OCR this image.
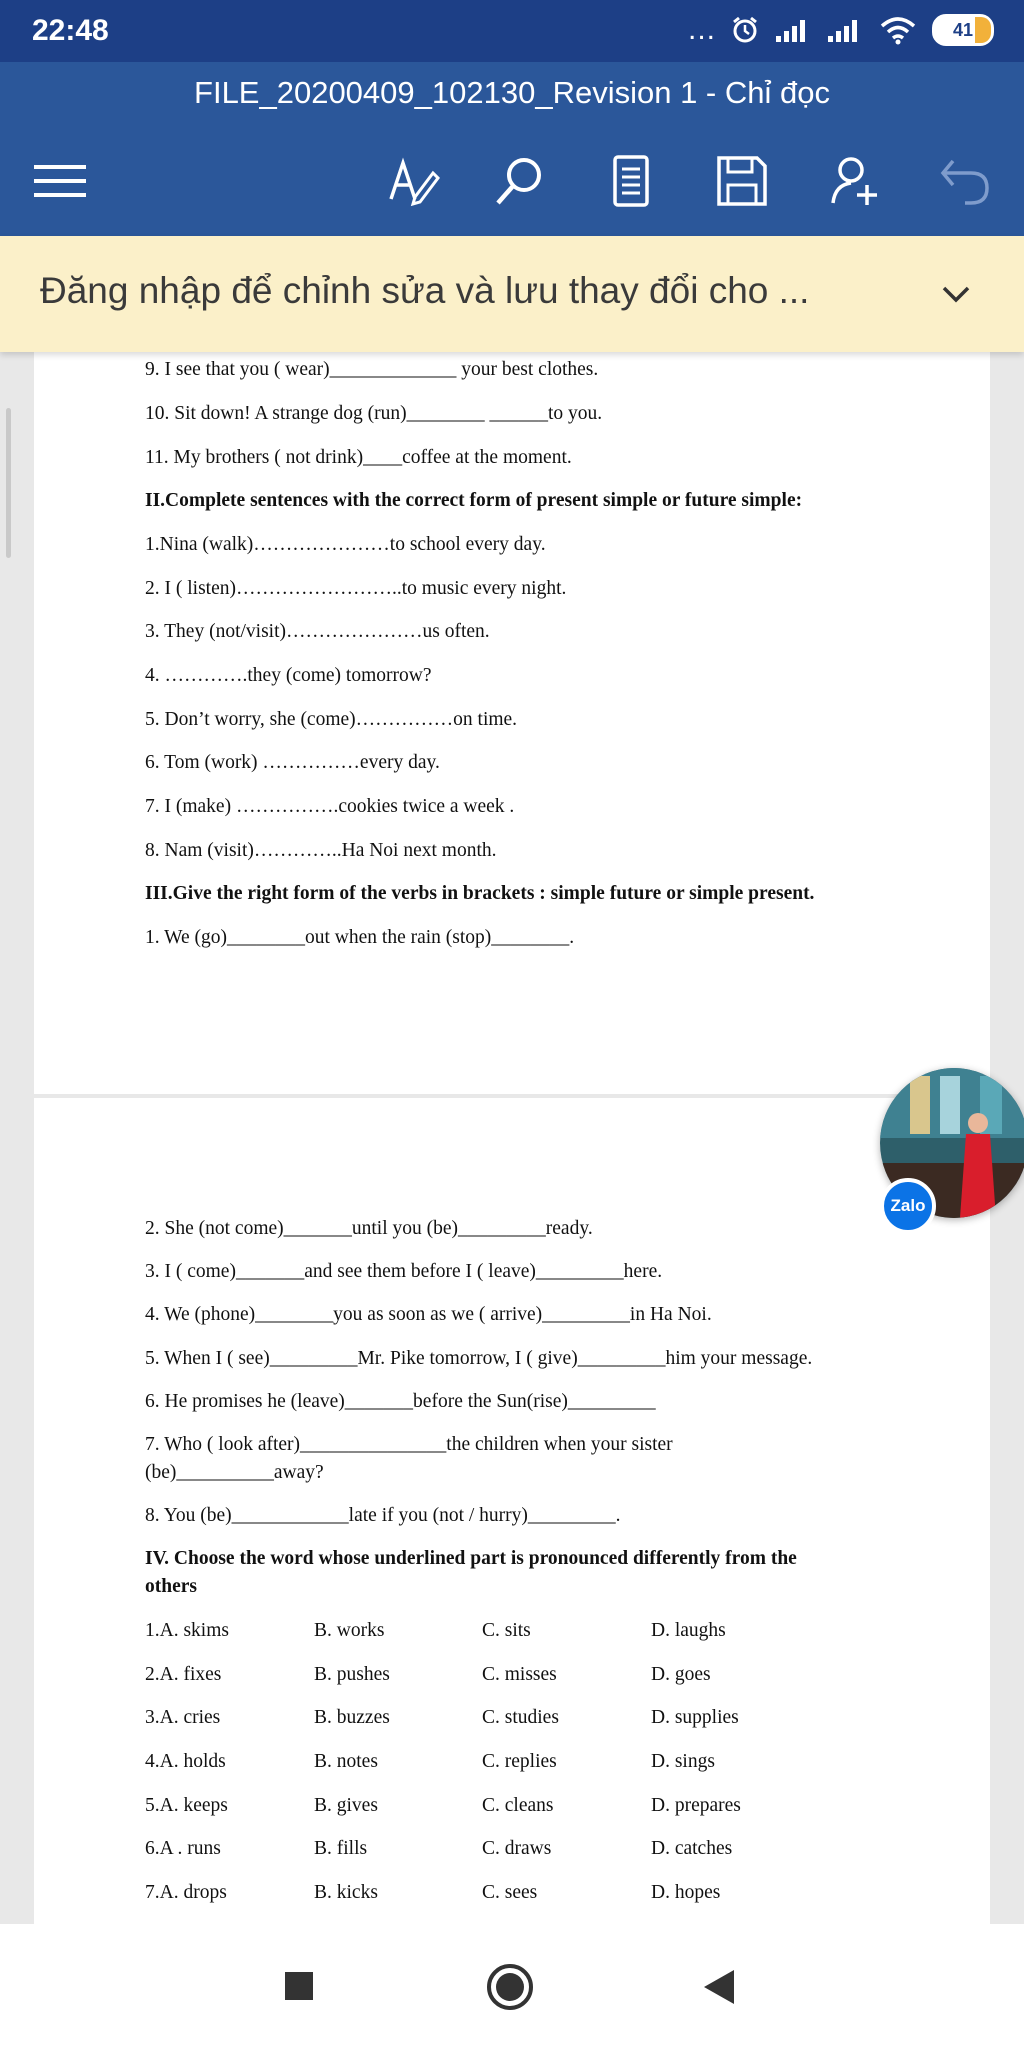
22:48	...	41
FILE_20200409_102130_Revision 1 - Chỉ đọc
Đăng nhập để chỉnh sửa và lưu thay đổi cho ...
9. I see that you ( wear)_____________ your best clothes.
10. Sit down! A strange dog (run)________ ______to you.
11. My brothers ( not drink)____coffee at the moment.
II.Complete sentences with the correct form of present simple or future simple:
1.Nina (walk)…………………to school every day.
2. I ( listen)……………………..to music every night.
3. They (not/visit)…………………us often.
4. ………….they (come) tomorrow?
5. Don’t worry, she (come)……………on time.
6. Tom (work) ……………every day.
7. I (make) …………….cookies twice a week .
8. Nam (visit)…………..Ha Noi next month.
III.Give the right form of the verbs in brackets : simple future or simple present.
1. We (go)________out when the rain (stop)________.
2. She (not come)_______until you (be)_________ready.
3. I ( come)_______and see them before I ( leave)_________here.
4. We (phone)________you as soon as we ( arrive)_________in Ha Noi.
5. When I ( see)_________Mr. Pike tomorrow, I ( give)_________him your message.
6. He promises he (leave)_______before the Sun(rise)_________
7. Who ( look after)_______________the children when your sister
(be)__________away?
8. You (be)____________late if you (not / hurry)_________.
IV. Choose the word whose underlined part is pronounced differently from the
others
1.A. skims	B. works	C. sits	D. laughs
2.A. fixes	B. pushes	C. misses	D. goes
3.A. cries	B. buzzes	C. studies	D. supplies
4.A. holds	B. notes	C. replies	D. sings
5.A. keeps	B. gives	C. cleans	D. prepares
6.A . runs	B. fills	C. draws	D. catches
7.A. drops	B. kicks	C. sees	D. hopes
Zalo
